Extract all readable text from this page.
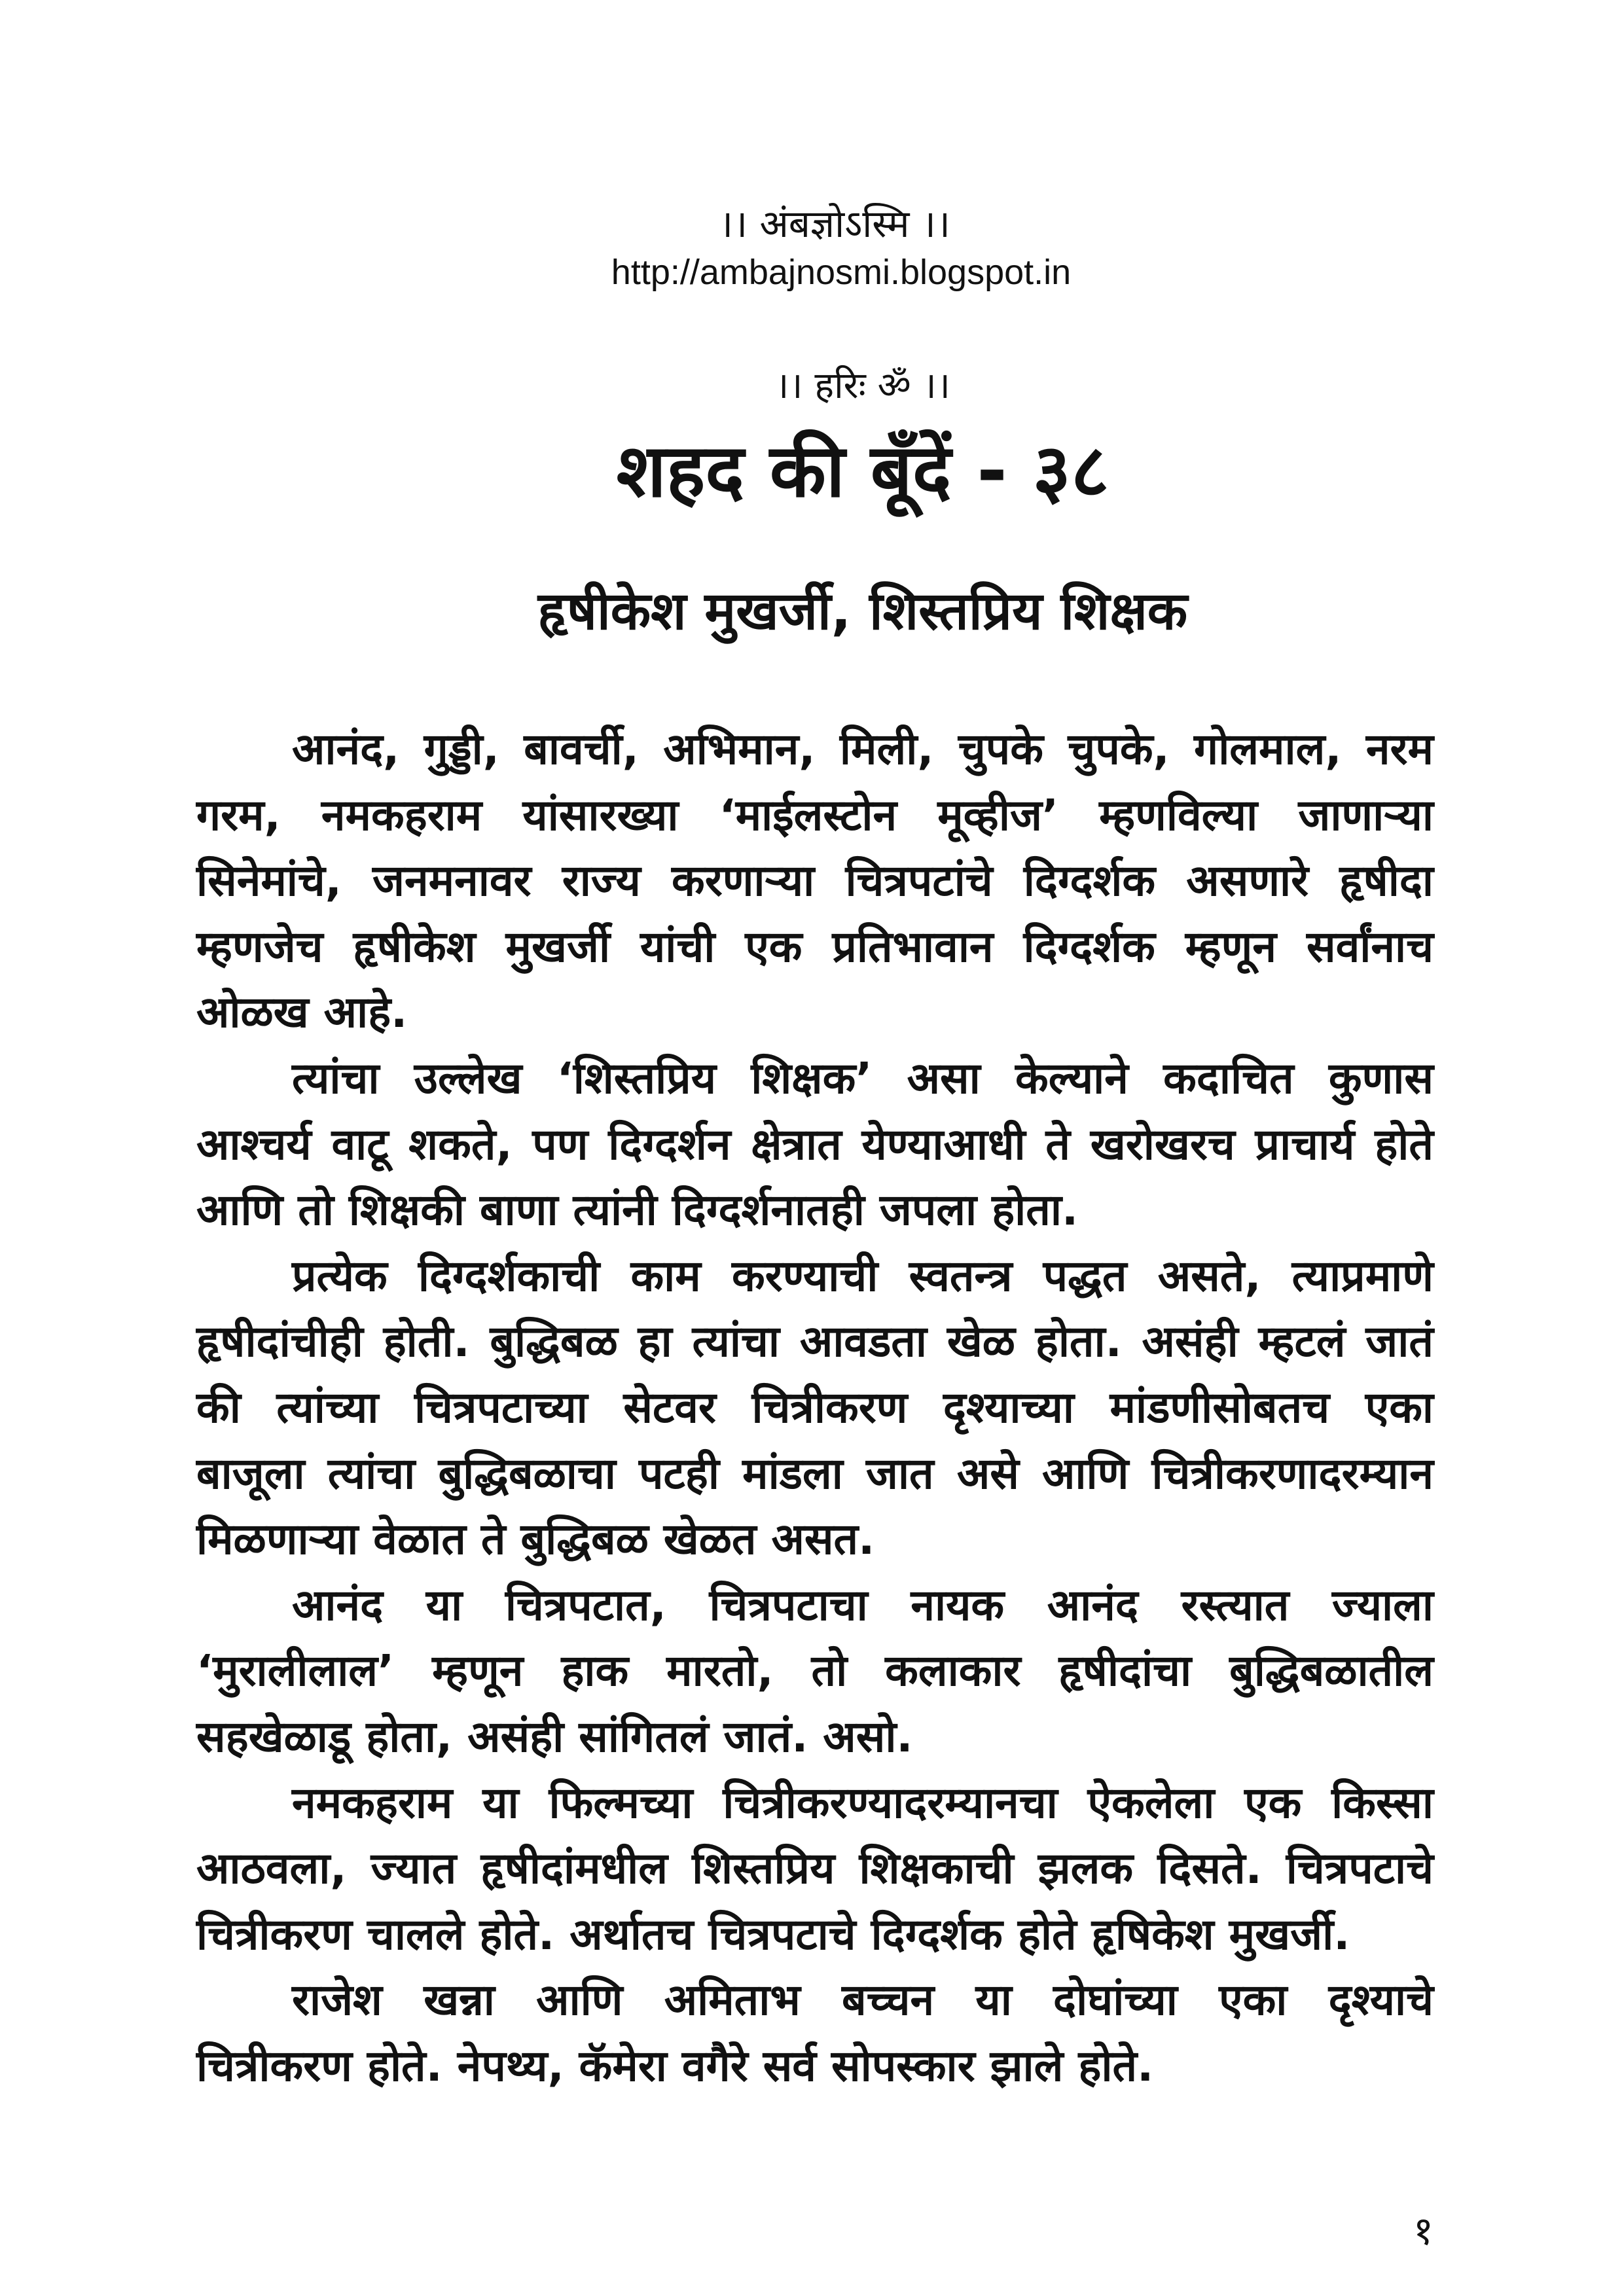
।। अंबज्ञोऽस्मि ।।
http://ambajnosmi.blogspot.in
।। हरिः ॐ ।।
शहद की बूँदें - ३८
हृषीकेश मुखर्जी, शिस्तप्रिय शिक्षक
आनंद, गुड्डी, बावर्ची, अभिमान, मिली, चुपके चुपके, गोलमाल, नरम
गरम, नमकहराम यांसारख्या ‘माईलस्टोन मूव्हीज’ म्हणविल्या जाणाऱ्या
सिनेमांचे, जनमनावर राज्य करणाऱ्या चित्रपटांचे दिग्दर्शक असणारे हृषीदा
म्हणजेच हृषीकेश मुखर्जी यांची एक प्रतिभावान दिग्दर्शक म्हणून सर्वांनाच
ओळख आहे.
त्यांचा उल्लेख ‘शिस्तप्रिय शिक्षक’ असा केल्याने कदाचित कुणास
आश्चर्य वाटू शकते, पण दिग्दर्शन क्षेत्रात येण्याआधी ते खरोखरच प्राचार्य होते
आणि तो शिक्षकी बाणा त्यांनी दिग्दर्शनातही जपला होता.
प्रत्येक दिग्दर्शकाची काम करण्याची स्वतन्त्र पद्धत असते, त्याप्रमाणे
हृषीदांचीही होती. बुद्धिबळ हा त्यांचा आवडता खेळ होता. असंही म्हटलं जातं
की त्यांच्या चित्रपटाच्या सेटवर चित्रीकरण दृश्याच्या मांडणीसोबतच एका
बाजूला त्यांचा बुद्धिबळाचा पटही मांडला जात असे आणि चित्रीकरणादरम्यान
मिळणाऱ्या वेळात ते बुद्धिबळ खेळत असत.
आनंद या चित्रपटात, चित्रपटाचा नायक आनंद रस्त्यात ज्याला
‘मुरालीलाल’ म्हणून हाक मारतो, तो कलाकार हृषीदांचा बुद्धिबळातील
सहखेळाडू होता, असंही सांगितलं जातं. असो.
नमकहराम या फिल्मच्या चित्रीकरण्यादरम्यानचा ऐकलेला एक किस्सा
आठवला, ज्यात हृषीदांमधील शिस्तप्रिय शिक्षकाची झलक दिसते. चित्रपटाचे
चित्रीकरण चालले होते. अर्थातच चित्रपटाचे दिग्दर्शक होते हृषिकेश मुखर्जी.
राजेश खन्ना आणि अमिताभ बच्चन या दोघांच्या एका दृश्याचे
चित्रीकरण होते. नेपथ्य, कॅमेरा वगैरे सर्व सोपस्कार झाले होते.
१
